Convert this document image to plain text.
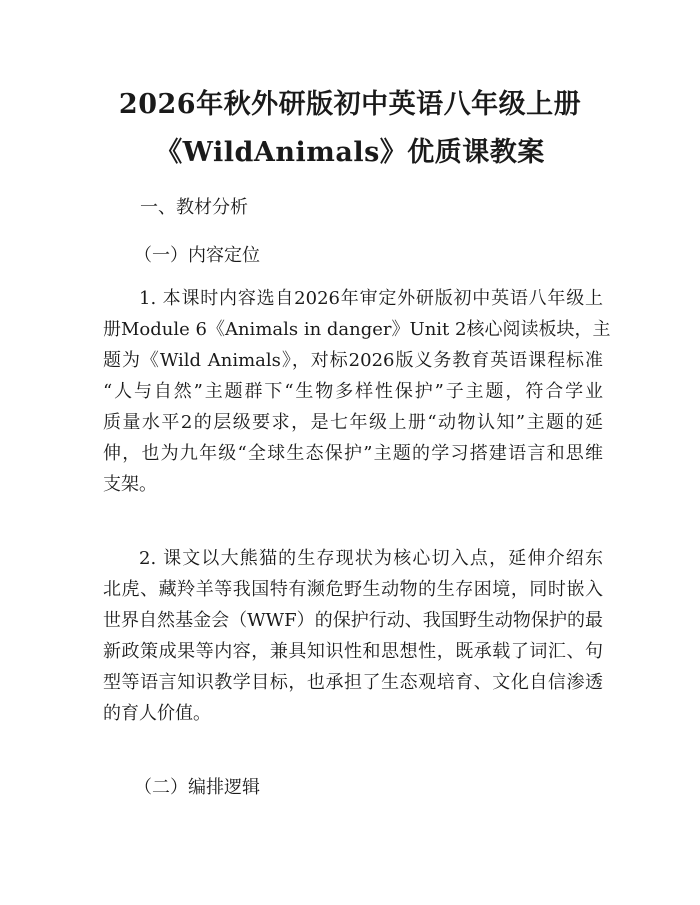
2026年秋外研版初中英语八年级上册
《WildAnimals》优质课教案
一、教材分析
（一）内容定位
1. 本课时内容选自2026年审定外研版初中英语八年级上
册Module 6《Animals in danger》Unit 2核心阅读板块，主
题为《Wild Animals》，对标2026版义务教育英语课程标准
“人与自然”主题群下“生物多样性保护”子主题，符合学业
质量水平2的层级要求，是七年级上册“动物认知”主题的延
伸，也为九年级“全球生态保护”主题的学习搭建语言和思维
支架。
2. 课文以大熊猫的生存现状为核心切入点，延伸介绍东
北虎、藏羚羊等我国特有濒危野生动物的生存困境，同时嵌入
世界自然基金会（WWF）的保护行动、我国野生动物保护的最
新政策成果等内容，兼具知识性和思想性，既承载了词汇、句
型等语言知识教学目标，也承担了生态观培育、文化自信渗透
的育人价值。
（二）编排逻辑
